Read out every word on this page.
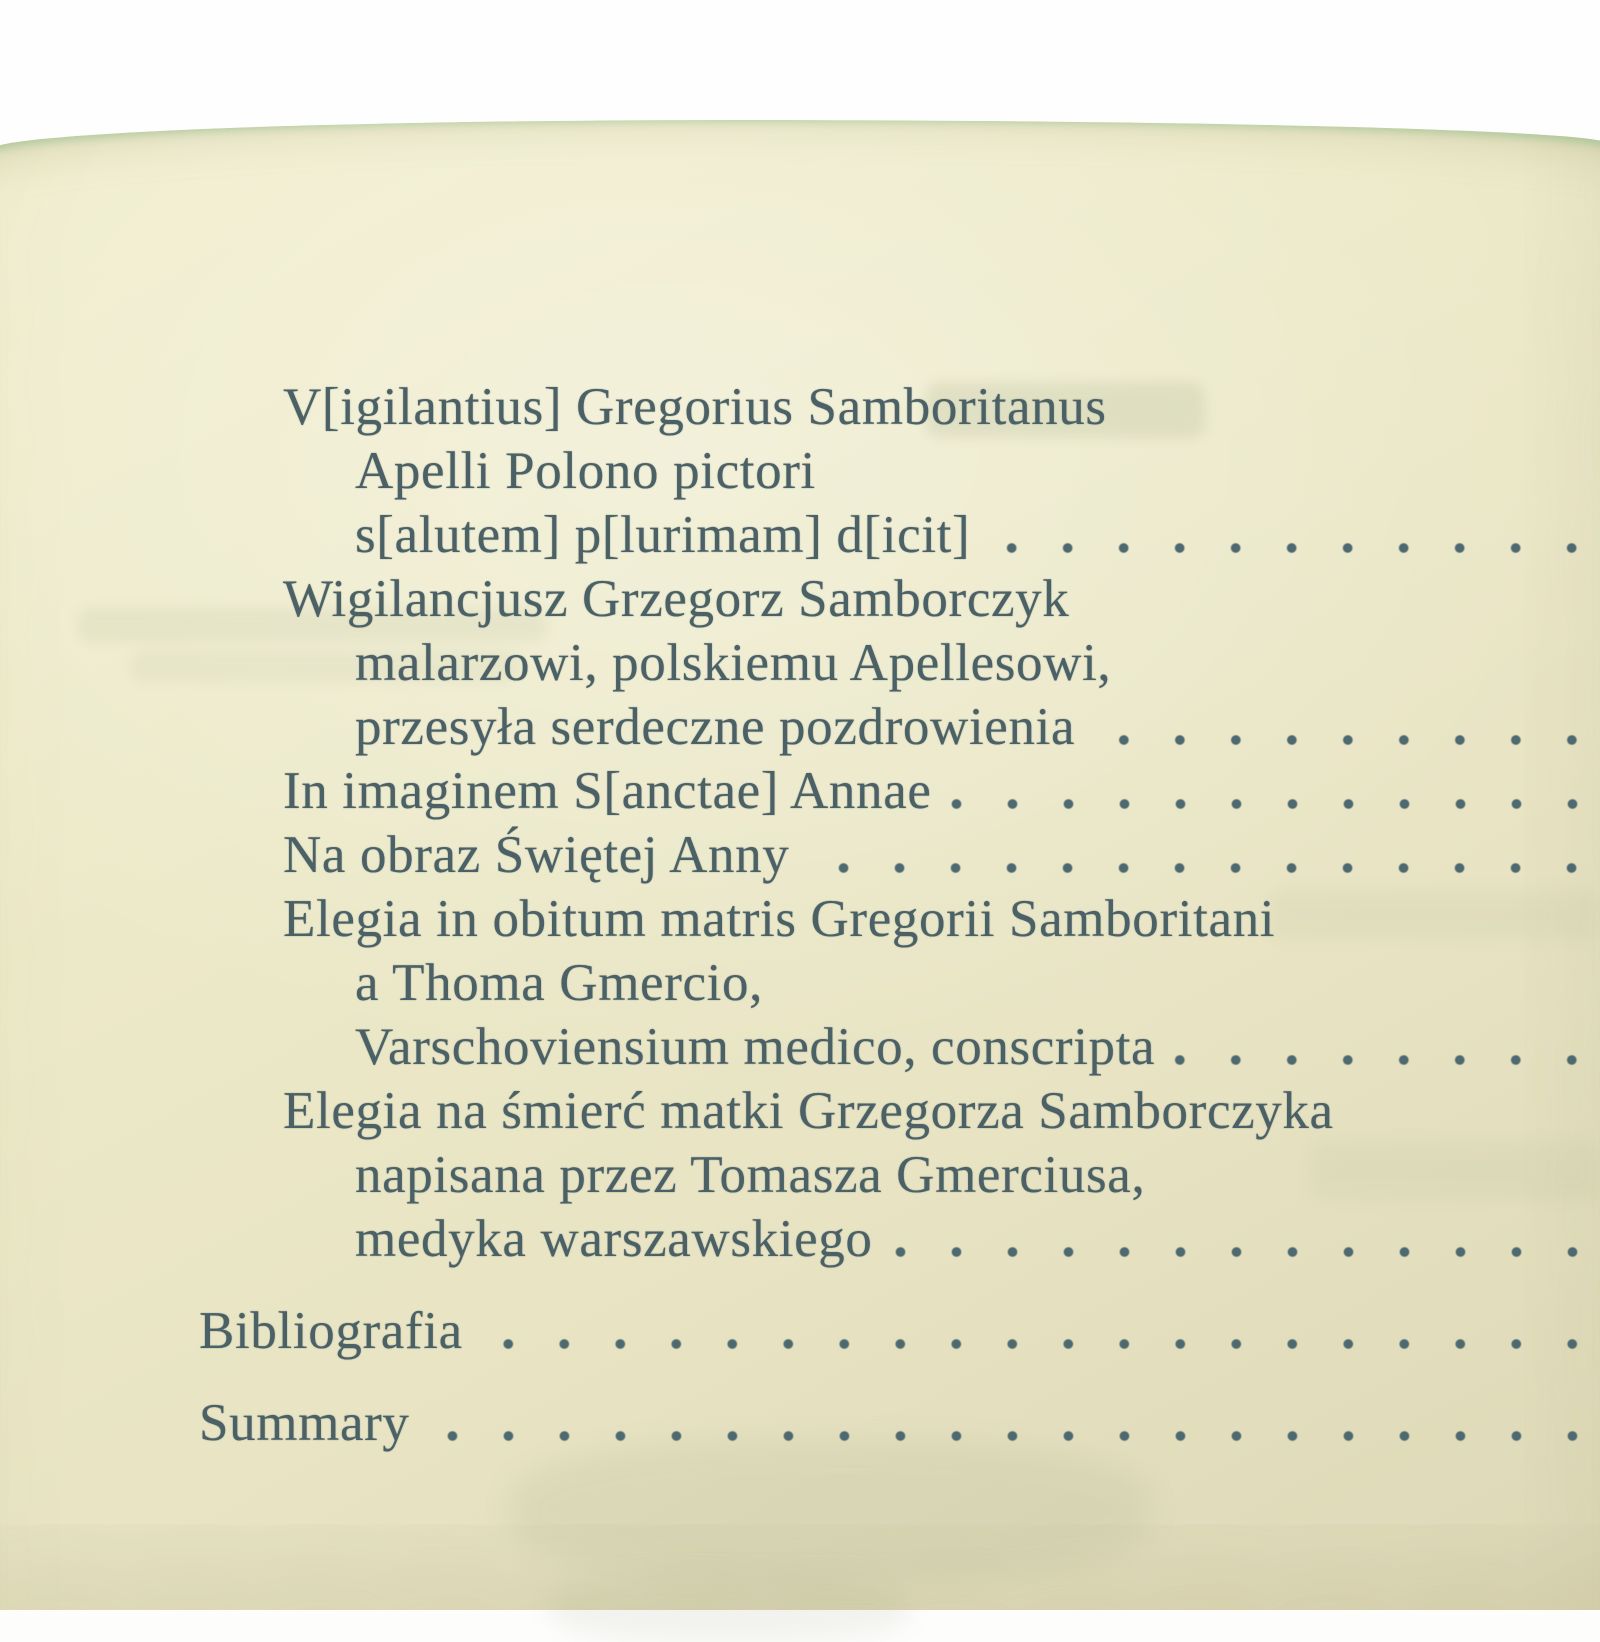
V[igilantius] Gregorius Samboritanus
Apelli Polono pictori
s[alutem] p[lurimam] d[icit]
Wigilancjusz Grzegorz Samborczyk
malarzowi, polskiemu Apellesowi,
przesyła serdeczne pozdrowienia
In imaginem S[anctae] Annae
Na obraz Świętej Anny
Elegia in obitum matris Gregorii Samboritani
a Thoma Gmercio,
Varschoviensium medico, conscripta
Elegia na śmierć matki Grzegorza Samborczyka
napisana przez Tomasza Gmerciusa,
medyka warszawskiego
Bibliografia
Summary
